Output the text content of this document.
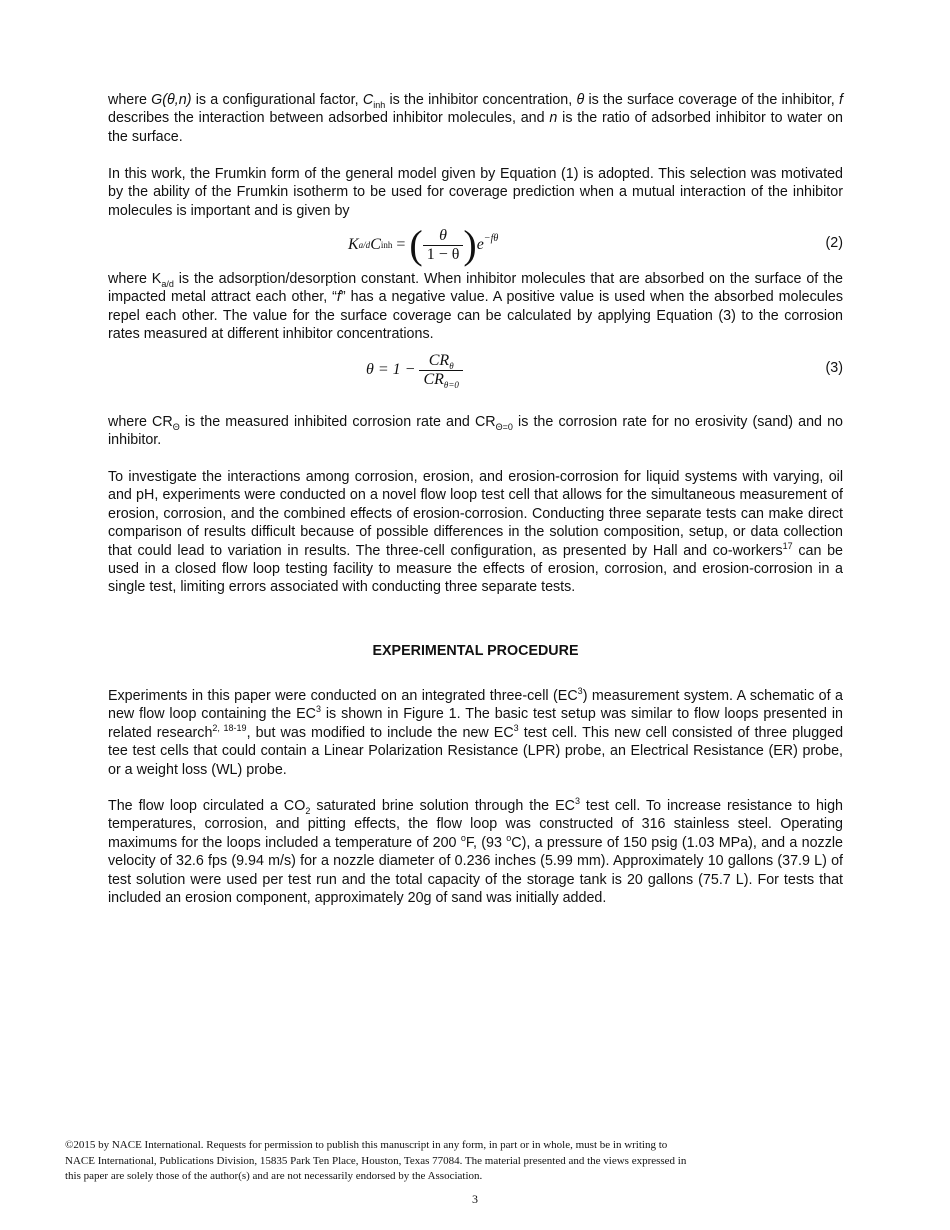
where G(θ,n) is a configurational factor, $C_{inh}$ is the inhibitor concentration, θ is the surface coverage of the inhibitor, f describes the interaction between adsorbed inhibitor molecules, and n is the ratio of adsorbed inhibitor to water on the surface.

In this work, the Frumkin form of the general model given by Equation (1) is adopted. This selection was motivated by the ability of the Frumkin isotherm to be used for coverage prediction when a mutual interaction of the inhibitor molecules is important and is given by

K a/d C inh = ( $\frac{\theta}{1 - \theta}$ ) e $^{-f\theta}$	(2)

where $K_{a/d}$ is the adsorption/desorption constant. When inhibitor molecules that are absorbed on the surface of the impacted metal attract each other, “f” has a negative value. A positive value is used when the absorbed molecules repel each other. The value for the surface coverage can be calculated by applying Equation (3) to the corrosion rates measured at different inhibitor concentrations.

$\theta = 1 - \frac{CR_\theta}{CR_{\theta=0}}$	(3)

where $CR_\Theta$ is the measured inhibited corrosion rate and $CR_{\Theta=0}$ is the corrosion rate for no erosivity (sand) and no inhibitor.

To investigate the interactions among corrosion, erosion, and erosion-corrosion for liquid systems with varying, oil and pH, experiments were conducted on a novel flow loop test cell that allows for the simultaneous measurement of erosion, corrosion, and the combined effects of erosion-corrosion. Conducting three separate tests can make direct comparison of results difficult because of possible differences in the solution composition, setup, or data collection that could lead to variation in results. The three-cell configuration, as presented by Hall and co-workers$^{17}$ can be used in a closed flow loop testing facility to measure the effects of erosion, corrosion, and erosion-corrosion in a single test, limiting errors associated with conducting three separate tests.

EXPERIMENTAL PROCEDURE

Experiments in this paper were conducted on an integrated three-cell $(EC^3)$ measurement system. A schematic of a new flow loop containing the $EC^3$ is shown in Figure 1. The basic test setup was similar to flow loops presented in related research$^{2, 18-19}$, but was modified to include the new $EC^3$ test cell. This new cell consisted of three plugged tee test cells that could contain a Linear Polarization Resistance (LPR) probe, an Electrical Resistance (ER) probe, or a weight loss (WL) probe.

The flow loop circulated a $CO_2$ saturated brine solution through the $EC^3$ test cell. To increase resistance to high temperatures, corrosion, and pitting effects, the flow loop was constructed of 316 stainless steel. Operating maximums for the loops included a temperature of 200 $^o$F, (93 $^o$C), a pressure of 150 psig (1.03 MPa), and a nozzle velocity of 32.6 fps (9.94 m/s) for a nozzle diameter of 0.236 inches (5.99 mm). Approximately 10 gallons (37.9 L) of test solution were used per test run and the total capacity of the storage tank is 20 gallons (75.7 L). For tests that included an erosion component, approximately 20g of sand was initially added.

©2015 by NACE International. Requests for permission to publish this manuscript in any form, in part or in whole, must be in writing to
NACE International, Publications Division, 15835 Park Ten Place, Houston, Texas 77084. The material presented and the views expressed in
this paper are solely those of the author(s) and are not necessarily endorsed by the Association.
3
